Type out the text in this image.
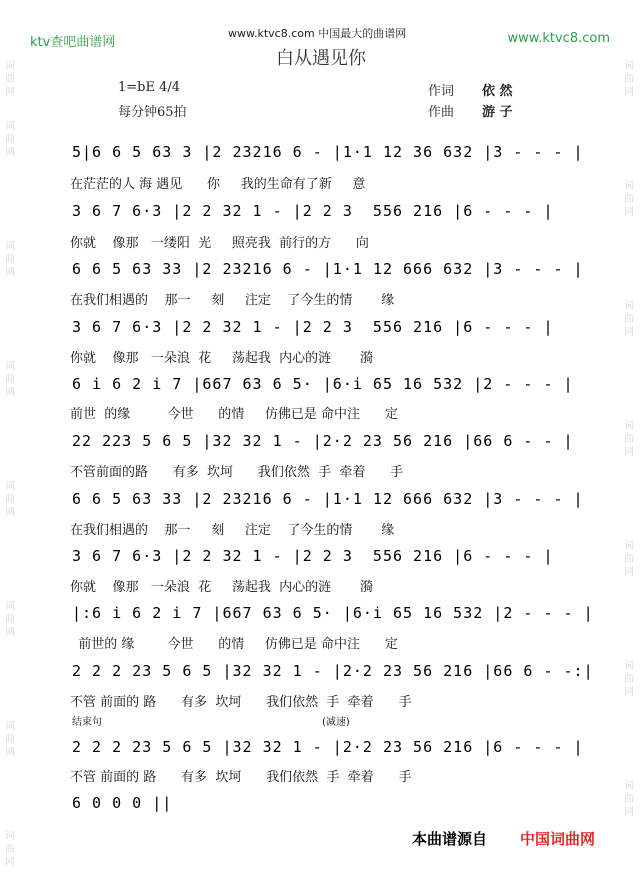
词曲网
词曲网
词曲网
词曲网
词曲网
词曲网
词曲网
词曲网
词曲网
词曲网
词曲网
词曲网
词曲网
词曲网
词曲网
ktv查吧曲谱网
www.ktvc8.com 中国最大的曲谱网	www.ktvc8.com
白从遇见你
1=bE 4/4
每分钟65拍
作词 依 然
作曲 游 子
5|6 6 5 63 3 |2 23216 6 - |1·1 12 36 632 |3 - - - |
在茫茫的人 海 遇见      你     我的生命有了新     意
3 6 7 6·3 |2 2 32 1 - |2 2 3  556 216 |6 - - - |
你就    像那   一缕阳  光     照亮我  前行的方      向
6 6 5 63 33 |2 23216 6 - |1·1 12 666 632 |3 - - - |
在我们相遇的    那一     刻     注定    了今生的情       缘
3 6 7 6·3 |2 2 32 1 - |2 2 3  556 216 |6 - - - |
你就    像那   一朵浪  花     荡起我  内心的涟       漪
6 i 6 2 i 7 |667 63 6 5· |6·i 65 16 532 |2 - - - |
前世  的缘         今世      的情     仿佛已是 命中注      定
22 223 5 6 5 |32 32 1 - |2·2 23 56 216 |66 6 - - |
不管前面的路      有多  坎坷      我们依然  手  牵着      手
6 6 5 63 33 |2 23216 6 - |1·1 12 666 632 |3 - - - |
在我们相遇的    那一     刻     注定    了今生的情       缘
3 6 7 6·3 |2 2 32 1 - |2 2 3  556 216 |6 - - - |
你就    像那   一朵浪  花     荡起我  内心的涟       漪
|:6 i 6 2 i 7 |667 63 6 5· |6·i 65 16 532 |2 - - - |
前世的 缘        今世      的情     仿佛已是 命中注      定
2 2 2 23 5 6 5 |32 32 1 - |2·2 23 56 216 |66 6 - -:|
不管 前面的 路      有多  坎坷      我们依然  手  牵着      手
结束句	(减速)
2 2 2 23 5 6 5 |32 32 1 - |2·2 23 56 216 |6 - - - |
不管 前面的 路      有多  坎坷      我们依然  手  牵着      手
6 0 0 0 ||
本曲谱源自 中国词曲网
